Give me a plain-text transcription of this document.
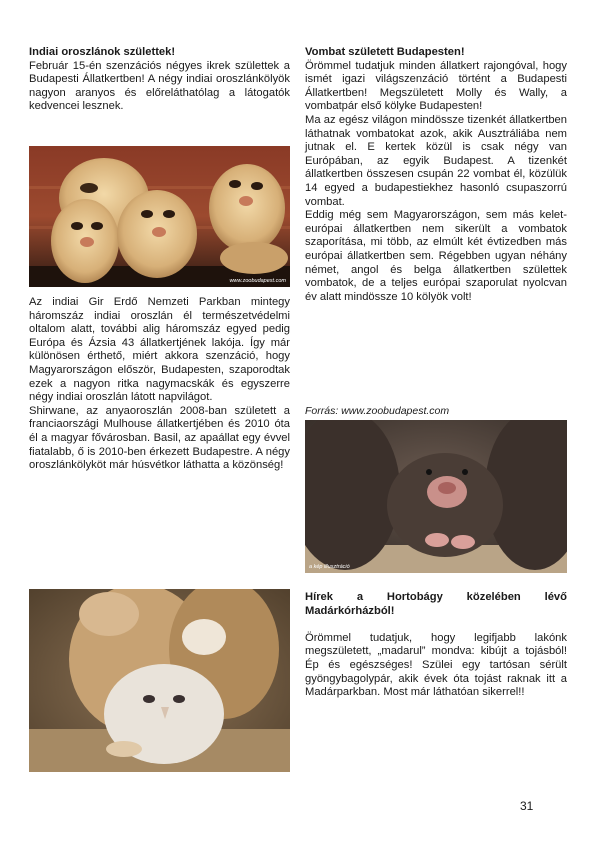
Indiai oroszlánok születtek!

Február 15-én szenzációs négyes ikrek születtek a Budapesti Állatkertben! A négy indiai oroszlánkölyök nagyon aranyos és előreláthatólag a látogatók kedvencei lesznek.

www.zoobudapest.com

Az indiai Gir Erdő Nemzeti Parkban mintegy háromszáz indiai oroszlán él természetvédelmi oltalom alatt, további alig háromszáz egyed pedig Európa és Ázsia 43 állatkertjének lakója. Így már különösen érthető, miért akkora szenzáció, hogy Magyarországon először, Budapesten, szaporodtak ezek a nagyon ritka nagymacskák és egyszerre négy indiai oroszlán látott napvilágot.

Shirwane, az anyaoroszlán 2008-ban született a franciaországi Mulhouse állatkertjében és 2010 óta él a magyar fővárosban. Basil, az apaállat egy évvel fiatalabb, ő is 2010-ben érkezett Budapestre. A négy oroszlánkölyköt már húsvétkor láthatta a közönség!

Vombat született Budapesten!

Örömmel tudatjuk minden állatkert rajongóval, hogy ismét igazi világszenzáció történt a Budapesti Állatkertben! Megszületett Molly és Wally, a vombatpár első kölyke Budapesten!

Ma az egész világon mindössze tizenkét állatkertben láthatnak vombatokat azok, akik Ausztráliába nem jutnak el. E kertek közül is csak négy van Európában, az egyik Budapest. A tizenkét állatkertben összesen csupán 22 vombat él, közülük 14 egyed a budapestiekhez hasonló csupaszorrú vombat.

Eddig még sem Magyarországon, sem más kelet-európai állatkertben nem sikerült a vombatok szaporítása, mi több, az elmúlt két évtizedben más európai állatkertben sem. Régebben ugyan néhány német, angol és belga állatkertben születtek vombatok, de a teljes európai szaporulat nyolcvan év alatt mindössze 10 kölyök volt!

Forrás: www.zoobudapest.com

a kép illusztráció

Hírek a Hortobágy közelében lévő Madárkórházból!

Örömmel tudatjuk, hogy legifjabb lakónk megszületett, „madarul” mondva: kibújt a tojásból! Ép és egészséges! Szülei egy tartósan sérült gyöngybagolypár, akik évek óta tojást raknak itt a Madárparkban. Most már láthatóan sikerrel!!

31
